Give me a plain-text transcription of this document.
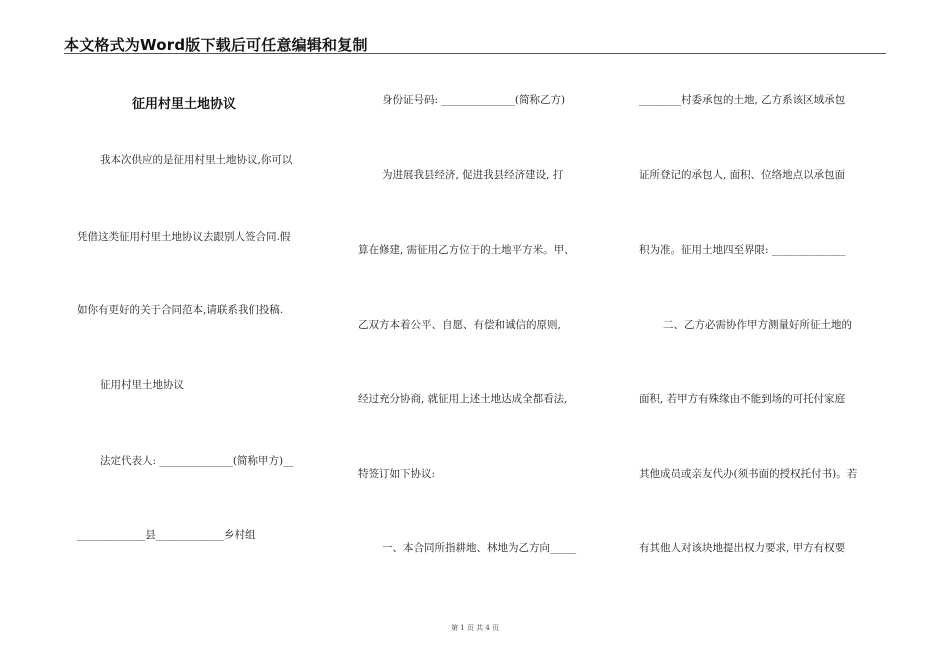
本文格式为Word版下载后可任意编辑和复制
征用村里土地协议
我本次供应的是征用村里土地协议,你可以
凭借这类征用村里土地协议去跟别人签合同.假
如你有更好的关于合同范本,请联系我们投稿.
征用村里土地协议
法定代表人: ______________(简称甲方)__
_____________县_____________乡村组
身份证号码: ______________(简称乙方)
为进展我县经济, 促进我县经济建设, 打
算在修建, 需征用乙方位于的土地平方米。甲、
乙双方本着公平、自愿、有偿和诚信的原则,
经过充分协商, 就征用上述土地达成全都看法,
特签订如下协议:
一、本合同所指耕地、林地为乙方向_____
________村委承包的土地, 乙方系该区域承包
证所登记的承包人, 面积、位络地点以承包面
积为准。征用土地四至界限: ______________
二、乙方必需协作甲方测量好所征土地的
面积, 若甲方有殊缘由不能到场的可托付家庭
其他成员或亲友代办(须书面的授权托付书)。若
有其他人对该块地提出权力要求, 甲方有权要
第 1 页 共 4 页
